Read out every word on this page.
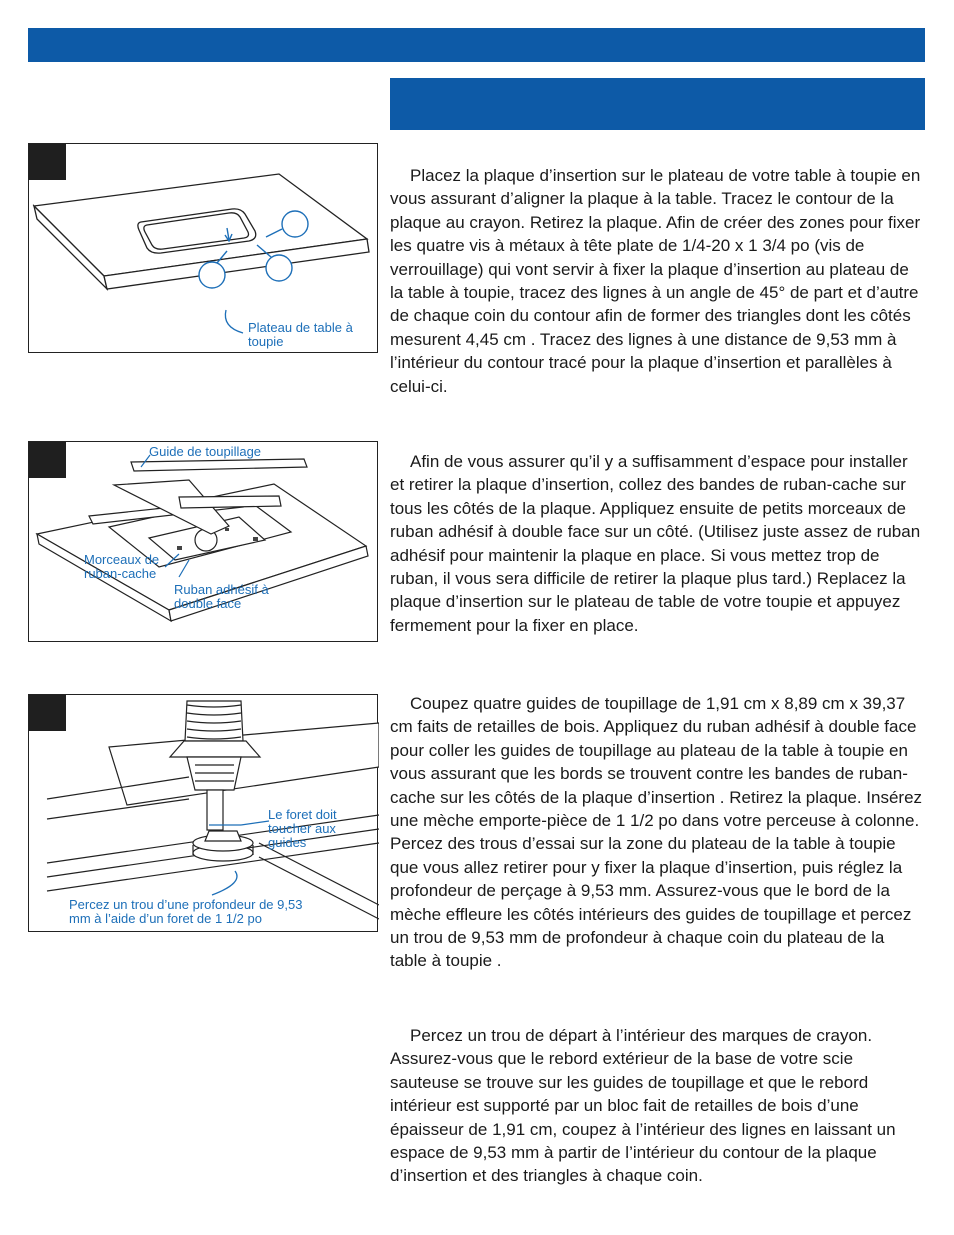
Plateau de table à toupie
Guide de toupillage
Morceaux de ruban-cache
Ruban adhésif à double face
Le foret doit toucher aux guides
Percez un trou d’une profondeur de 9,53 mm à l’aide d’un foret de 1 1/2 po

Placez la plaque d’insertion sur le plateau de votre table à toupie en vous assurant d’aligner la plaque à la table. Tracez le contour de la plaque au crayon. Retirez la plaque. Afin de créer des zones pour fixer les quatre vis à métaux à tête plate de 1/4-20 x 1 3/4 po (vis de verrouillage) qui vont servir à fixer la plaque d’insertion au plateau de la table à toupie, tracez des lignes à un angle de 45° de part et d’autre de chaque coin du contour afin de former des triangles dont les côtés mesurent 4,45 cm . Tracez des lignes à une distance de 9,53 mm à l’intérieur du contour tracé pour la plaque d’insertion et parallèles à celui-ci.

Afin de vous assurer qu’il y a suffisamment d’espace pour installer et retirer la plaque d’insertion, collez des bandes de ruban-cache sur tous les côtés de la plaque. Appliquez ensuite de petits morceaux de ruban adhésif à double face sur un côté. (Utilisez juste assez de ruban adhésif pour maintenir la plaque en place. Si vous mettez trop de ruban, il vous sera difficile de retirer la plaque plus tard.) Replacez la plaque d’insertion sur le plateau de table de votre toupie et appuyez fermement pour la fixer en place.

Coupez quatre guides de toupillage de 1,91 cm x 8,89 cm x 39,37 cm faits de retailles de bois. Appliquez du ruban adhésif à double face pour coller les guides de toupillage au plateau de la table à toupie en vous assurant que les bords se trouvent contre les bandes de ruban-cache sur les côtés de la plaque d’insertion . Retirez la plaque. Insérez une mèche emporte-pièce de 1 1/2 po dans votre perceuse à colonne. Percez des trous d’essai sur la zone du plateau de la table à toupie que vous allez retirer pour y fixer la plaque d’insertion, puis réglez la profondeur de perçage à 9,53 mm. Assurez-vous que le bord de la mèche effleure les côtés intérieurs des guides de toupillage et percez un trou de 9,53 mm de profondeur à chaque coin du plateau de la table à toupie .

Percez un trou de départ à l’intérieur des marques de crayon. Assurez-vous que le rebord extérieur de la base de votre scie sauteuse se trouve sur les guides de toupillage et que le rebord intérieur est supporté par un bloc fait de retailles de bois d’une épaisseur de 1,91 cm, coupez à l’intérieur des lignes en laissant un espace de 9,53 mm à partir de l’intérieur du contour de la plaque d’insertion et des triangles à chaque coin.
